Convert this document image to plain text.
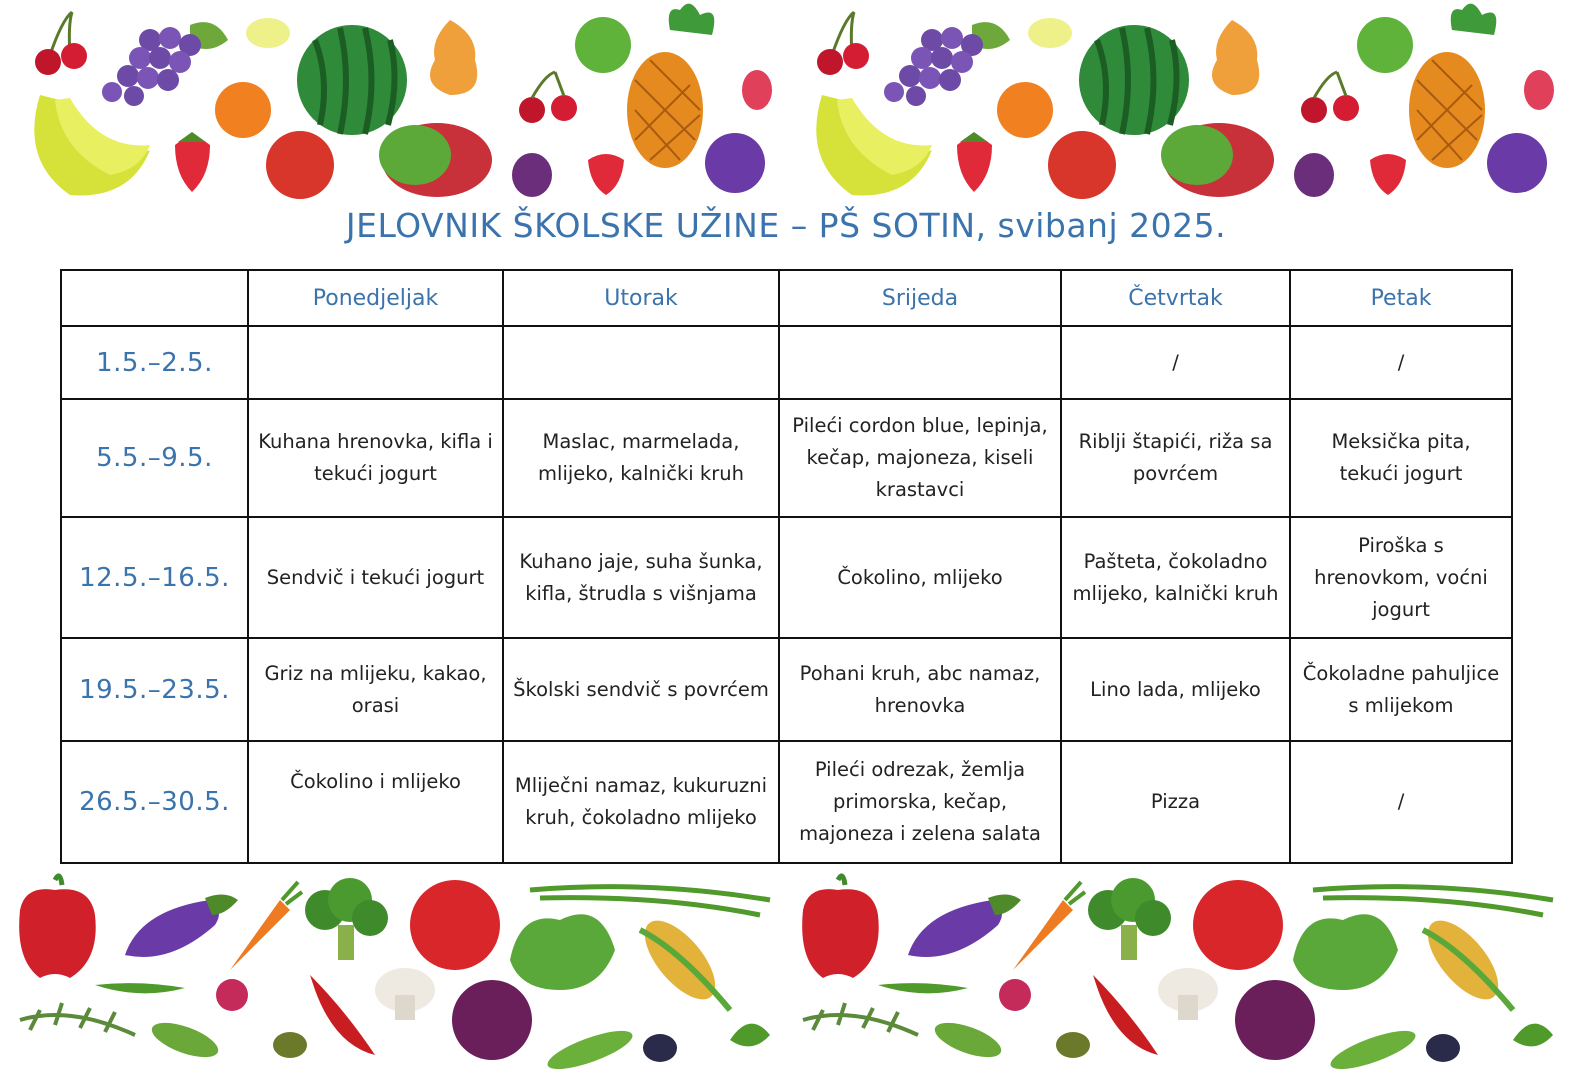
JELOVNIK ŠKOLSKE UŽINE – PŠ SOTIN, svibanj 2025.
	Ponedjeljak	Utorak	Srijeda	Četvrtak	Petak
1.5.–2.5.				/	/
5.5.–9.5.	Kuhana hrenovka, kifla i tekući jogurt	Maslac, marmelada, mlijeko, kalnički kruh	Pileći cordon blue, lepinja, kečap, majoneza, kiseli krastavci	Riblji štapići, riža sa povrćem	Meksička pita, tekući jogurt
12.5.–16.5.	Sendvič i tekući jogurt	Kuhano jaje, suha šunka, kifla, štrudla s višnjama	Čokolino, mlijeko	Pašteta, čokoladno mlijeko, kalnički kruh	Piroška s hrenovkom, voćni jogurt
19.5.–23.5.	Griz na mlijeku, kakao, orasi	Školski sendvič s povrćem	Pohani kruh, abc namaz, hrenovka	Lino lada, mlijeko	Čokoladne pahuljice s mlijekom
26.5.–30.5.	Čokolino i mlijeko	Mliječni namaz, kukuruzni kruh, čokoladno mlijeko	Pileći odrezak, žemlja primorska, kečap, majoneza i zelena salata	Pizza	/
